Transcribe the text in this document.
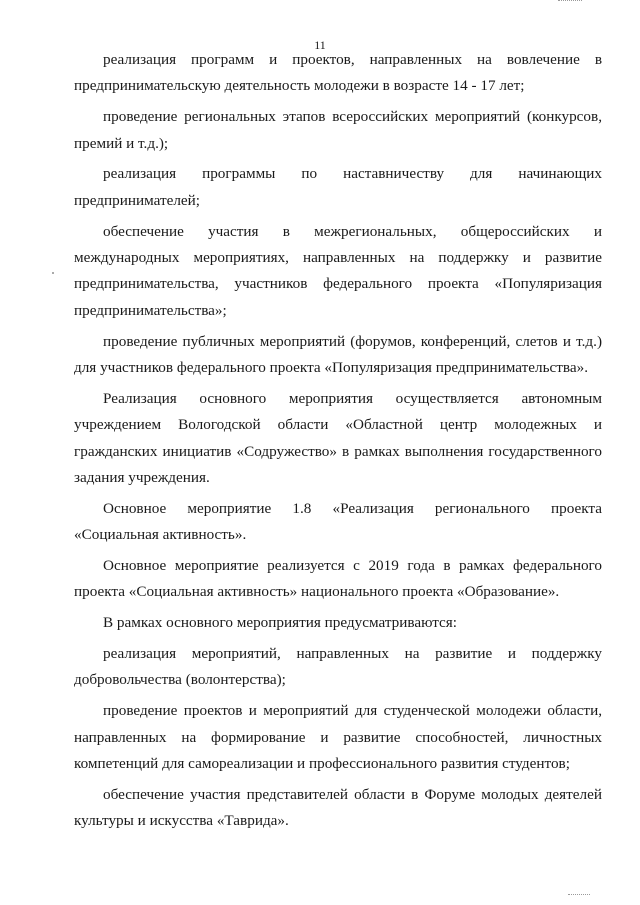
11

реализация программ и проектов, направленных на вовлечение в предпринимательскую деятельность молодежи в возрасте 14 - 17 лет;

проведение региональных этапов всероссийских мероприятий (конкурсов, премий и т.д.);

реализация программы по наставничеству для начинающих предпринимателей;

обеспечение участия в межрегиональных, общероссийских и международных мероприятиях, направленных на поддержку и развитие предпринимательства, участников федерального проекта «Популяризация предпринимательства»;

проведение публичных мероприятий (форумов, конференций, слетов и т.д.) для участников федерального проекта «Популяризация предпринимательства».

Реализация основного мероприятия осуществляется автономным учреждением Вологодской области «Областной центр молодежных и гражданских инициатив «Содружество» в рамках выполнения государственного задания учреждения.

Основное мероприятие 1.8 «Реализация регионального проекта «Социальная активность».

Основное мероприятие реализуется с 2019 года в рамках федерального проекта «Социальная активность» национального проекта «Образование».

В рамках основного мероприятия предусматриваются:

реализация мероприятий, направленных на развитие и поддержку добровольчества (волонтерства);

проведение проектов и мероприятий для студенческой молодежи области, направленных на формирование и развитие способностей, личностных компетенций для самореализации и профессионального развития студентов;

обеспечение участия представителей области в Форуме молодых деятелей культуры и искусства «Таврида».
